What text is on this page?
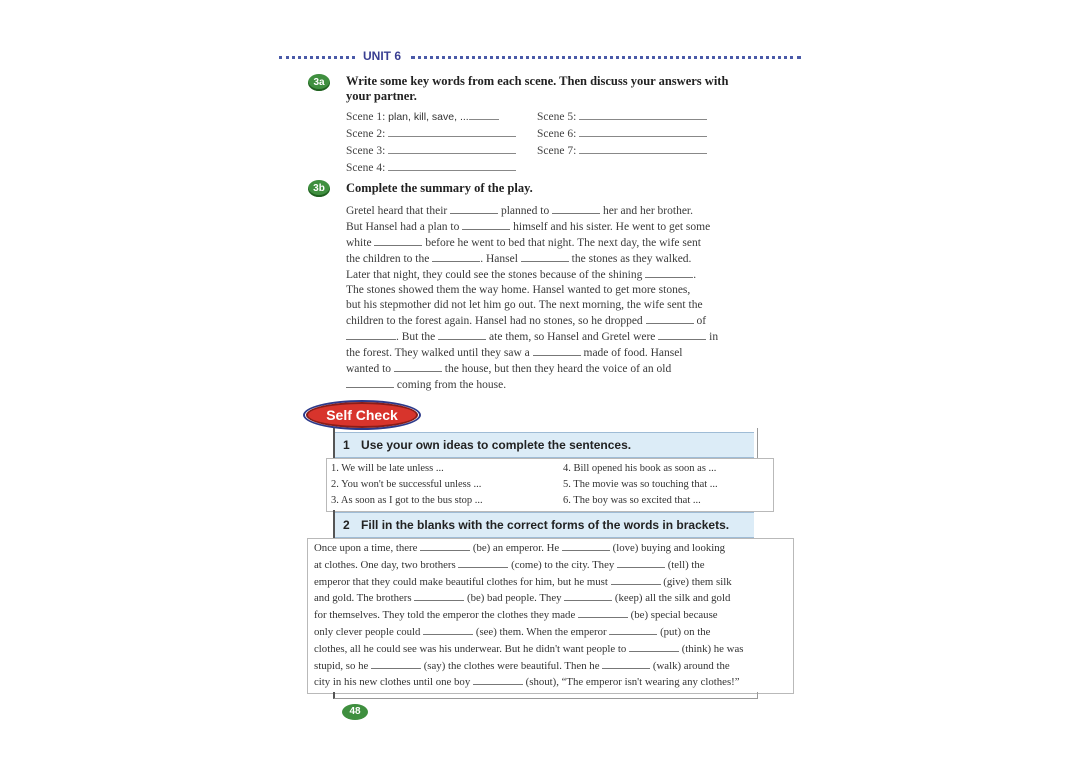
UNIT 6
3a	Write some key words from each scene. Then discuss your answers with
your partner.
Scene 1: plan, kill, save, ...
Scene 2:
Scene 3:
Scene 4:
Scene 5:
Scene 6:
Scene 7:
3b	Complete the summary of the play.
Gretel heard that their	planned to	her and her brother.
But Hansel had a plan to	himself and his sister. He went to get some
white	before he went to bed that night. The next day, the wife sent
the children to the	. Hansel	the stones as they walked.
Later that night, they could see the stones because of the shining	.
The stones showed them the way home. Hansel wanted to get more stones,
but his stepmother did not let him go out. The next morning, the wife sent the
children to the forest again. Hansel had no stones, so he dropped	of
. But the	ate them, so Hansel and Gretel were	in
the forest. They walked until they saw a	made of food. Hansel
wanted to	the house, but then they heard the voice of an old
coming from the house.
Self Check
1 Use your own ideas to complete the sentences.
1. We will be late unless ...
2. You won't be successful unless ...
3. As soon as I got to the bus stop ...
4. Bill opened his book as soon as ...
5. The movie was so touching that ...
6. The boy was so excited that ...
2 Fill in the blanks with the correct forms of the words in brackets.
Once upon a time, there	(be) an emperor. He	(love) buying and looking
at clothes. One day, two brothers	(come) to the city. They	(tell) the
emperor that they could make beautiful clothes for him, but he must	(give) them silk
and gold. The brothers	(be) bad people. They	(keep) all the silk and gold
for themselves. They told the emperor the clothes they made	(be) special because
only clever people could	(see) them. When the emperor	(put) on the
clothes, all he could see was his underwear. But he didn't want people to	(think) he was
stupid, so he	(say) the clothes were beautiful. Then he	(walk) around the
city in his new clothes until one boy	(shout), “The emperor isn't wearing any clothes!”
48
